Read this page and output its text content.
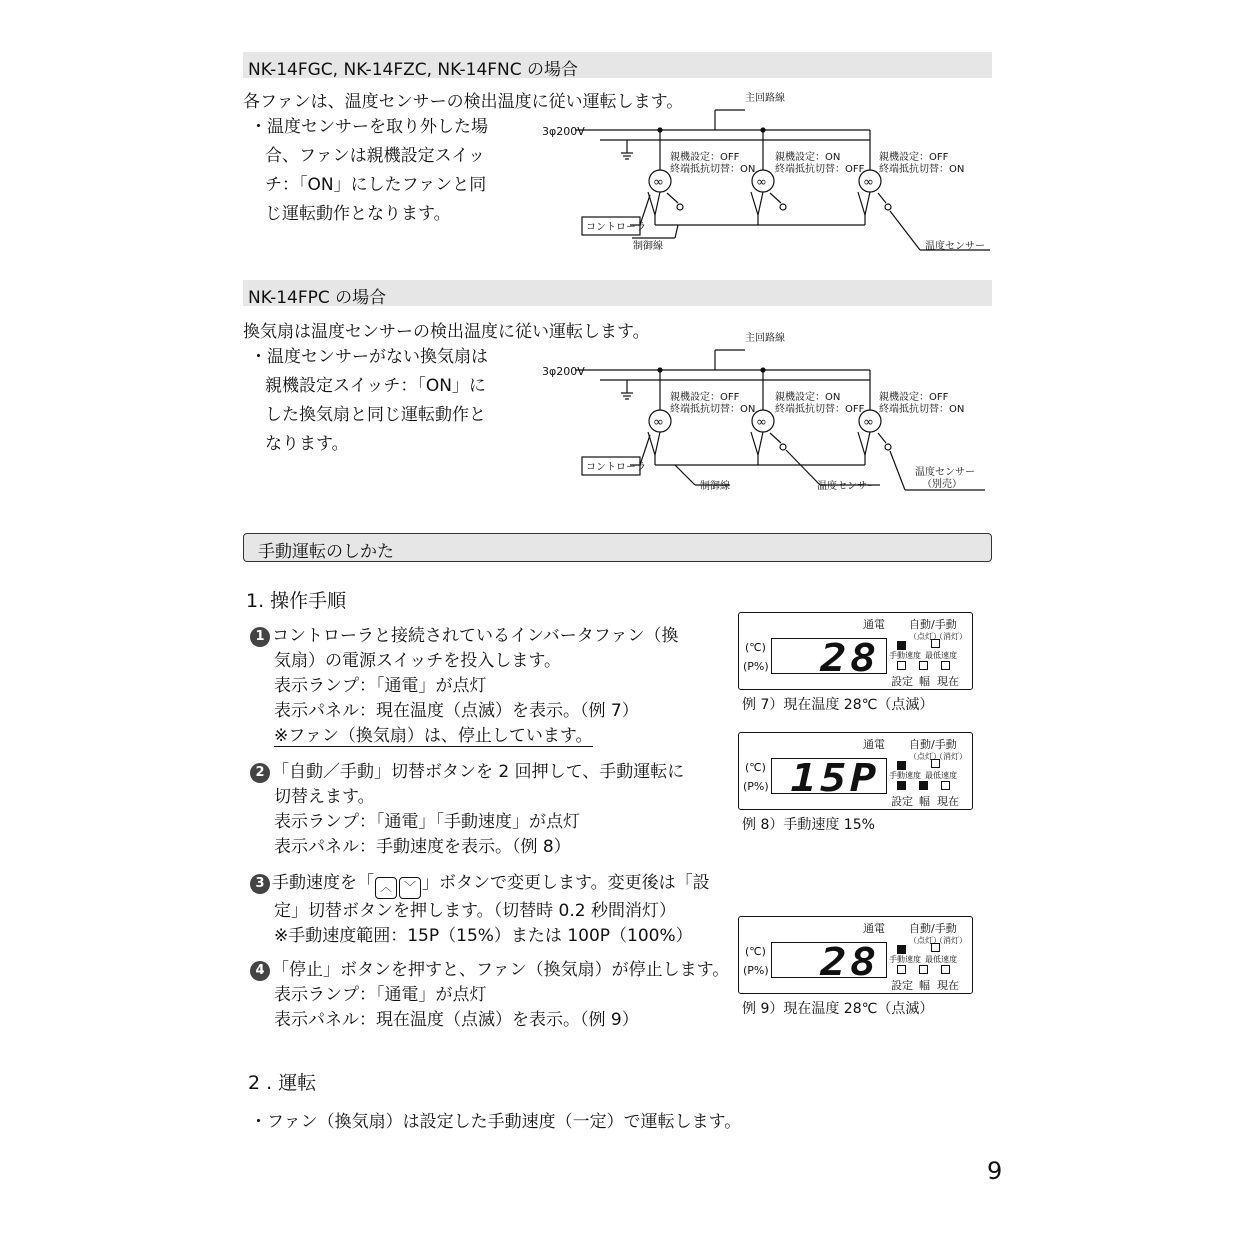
NK-14FGC, NK-14FZC, NK-14FNC の場合
各ファンは、温度センサーの検出温度に従い運転します。
・温度センサーを取り外した場
合、ファンは親機設定スイッ
チ：「ON」にしたファンと同
じ運転動作となります。
主回路線
3φ200V
親機設定：OFF
終端抵抗切替：ON
親機設定：ON
終端抵抗切替：OFF
親機設定：OFF
終端抵抗切替：ON
コントローラ
制御線	温度センサー
∞	∞	∞
NK-14FPC の場合
換気扇は温度センサーの検出温度に従い運転します。
・温度センサーがない換気扇は
親機設定スイッチ：「ON」に
した換気扇と同じ運転動作と
なります。
主回路線
3φ200V
親機設定：OFF
終端抵抗切替：ON
親機設定：ON
終端抵抗切替：OFF
親機設定：OFF
終端抵抗切替：ON
コントローラ
制御線	温度センサー
温度センサー
（別売）
∞	∞	∞
手動運転のしかた
1. 操作手順
1 コントローラと接続されているインバータファン（換
気扇）の電源スイッチを投入します。
表示ランプ：「通電」が点灯
表示パネル：現在温度（点滅）を表示。（例 7）
※ファン（換気扇）は、停止しています。
2 「自動／手動」切替ボタンを 2 回押して、手動運転に
切替えます。
表示ランプ：「通電」「手動速度」が点灯
表示パネル：手動速度を表示。（例 8）
3 手動速度を「 ︿ ﹀ 」ボタンで変更します。変更後は「設
定」切替ボタンを押します。（切替時 0.2 秒間消灯）
※手動速度範囲：15P（15%）または 100P（100%）
4 「停止」ボタンを押すと、ファン（換気扇）が停止します。
表示ランプ：「通電」が点灯
表示パネル：現在温度（点滅）を表示。（例 9）
通電 自動/手動
（点灯）
（消灯）
(℃)
(P%) 28 手動速度 最低速度
設定 幅 現在
例 7）現在温度 28℃（点滅）
通電 自動/手動
（点灯）
（消灯）
(℃)
(P%) 15P 手動速度 最低速度
設定 幅 現在
例 8）手動速度 15%
通電 自動/手動
（点灯）
（消灯）
(℃)
(P%) 28 手動速度 最低速度
設定 幅 現在
例 9）現在温度 28℃（点滅）
2 . 運転
・ファン（換気扇）は設定した手動速度（一定）で運転します。
9
